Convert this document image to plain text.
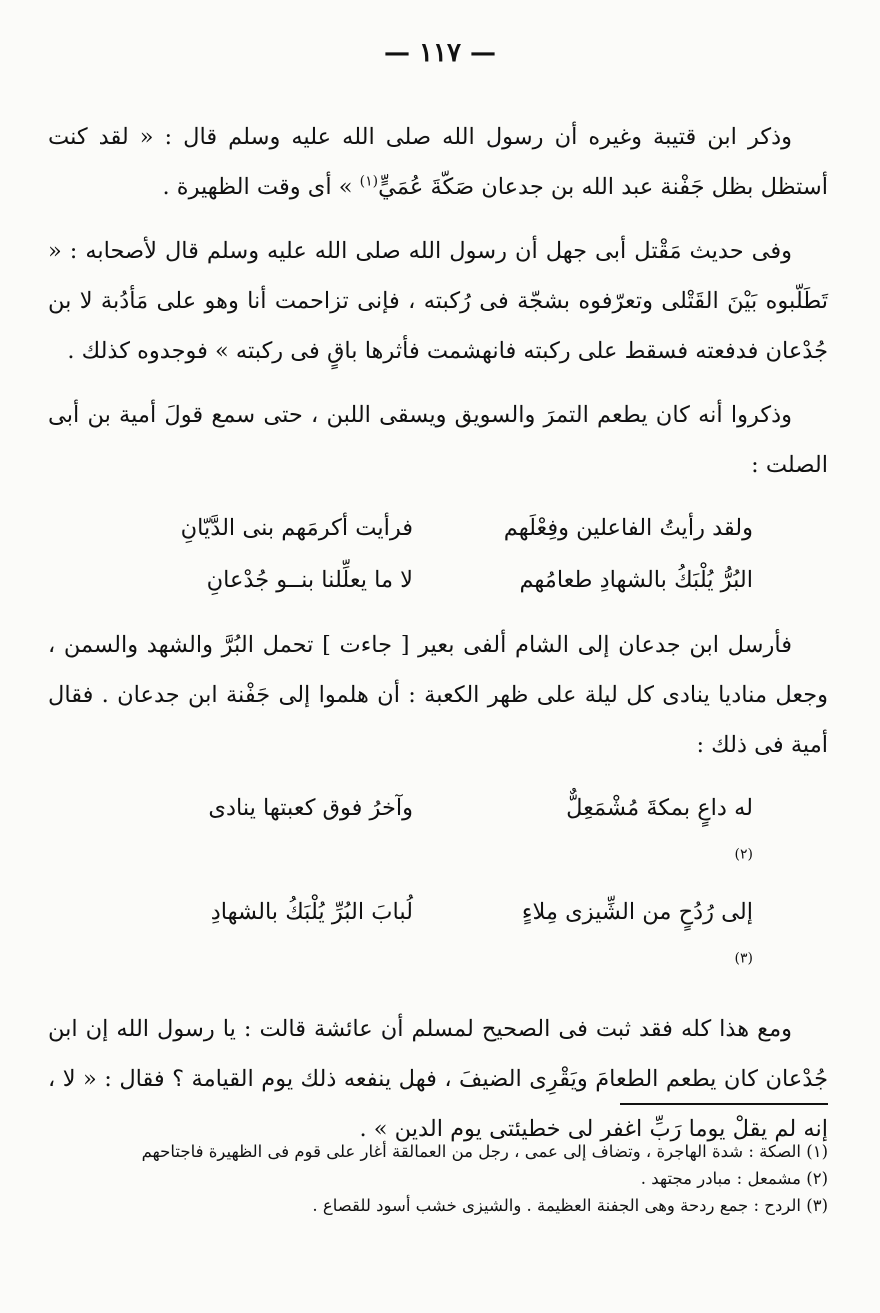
— ١١٧ —

وذكر ابن قتيبة وغيره أن رسول الله صلى الله عليه وسلم قال : « لقد كنت أستظل بظل جَفْنة عبد الله بن جدعان صَكّةَ عُمَيٍّ$^{(١)}$ » أى وقت الظهيرة .

وفى حديث مَقْتل أبى جهل أن رسول الله صلى الله عليه وسلم قال لأصحابه : « تَطَلّبوه بَيْنَ القَتْلى وتعرّفوه بشجّة فى رُكبته ، فإنى تزاحمت أنا وهو على مَأدُبة لا بن جُدْعان فدفعته فسقط على ركبته فانهشمت فأثرها باقٍ فى ركبته » فوجدوه كذلك .

وذكروا أنه كان يطعم التمرَ والسويق ويسقى اللبن ، حتى سمع قولَ أمية بن أبى الصلت :

ولقد رأيتُ الفاعلين وفِعْلَهم
فرأيت أكرمَهم بنى الدَّيّانِ
البُرُّ يُلْبَكُ بالشهادِ طعامُهم
لا ما يعلِّلنا بنــو جُدْعانِ

فأرسل ابن جدعان إلى الشام ألفى بعير [ جاءت ] تحمل البُرَّ والشهد والسمن ، وجعل مناديا ينادى كل ليلة على ظهر الكعبة : أن هلموا إلى جَفْنة ابن جدعان . فقال أمية فى ذلك :

له داعٍ بمكةَ مُشْمَعِلٌّ
$^{(٢)}$
وآخرُ فوق كعبتها ينادى
إلى رُدُحٍ من الشِّيزى مِلاءٍ
$^{(٣)}$
لُبابَ البُرِّ يُلْبَكُ بالشهادِ

ومع هذا كله فقد ثبت فى الصحيح لمسلم أن عائشة قالت : يا رسول الله إن ابن جُدْعان كان يطعم الطعامَ ويَقْرِى الضيفَ ، فهل ينفعه ذلك يوم القيامة ؟ فقال : « لا ، إنه لم يقلْ يوما رَبِّ اغفر لى خطيئتى يوم الدين » .

(١) الصكة : شدة الهاجرة ، وتضاف إلى عمى ، رجل من العمالقة أغار على قوم فى الظهيرة فاجتاحهم
(٢) مشمعل : مبادر مجتهد .
(٣) الردح : جمع ردحة وهى الجفنة العظيمة . والشيزى خشب أسود للقصاع .
